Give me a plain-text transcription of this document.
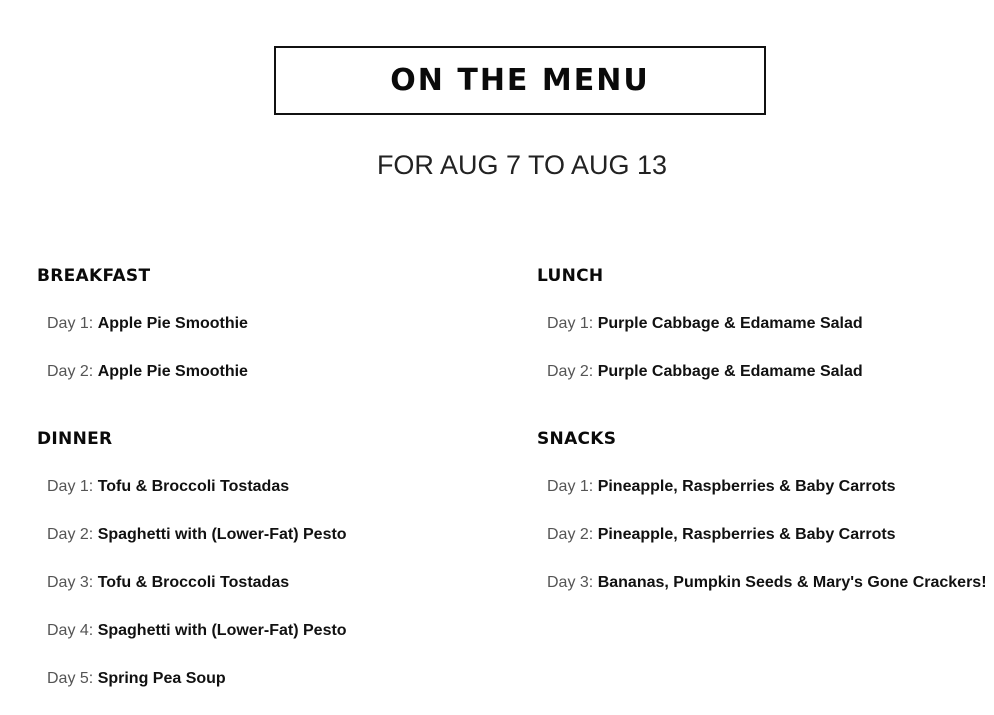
ON THE MENU
FOR AUG 7 TO AUG 13
BREAKFAST
Day 1: Apple Pie Smoothie
Day 2: Apple Pie Smoothie
LUNCH
Day 1: Purple Cabbage & Edamame Salad
Day 2: Purple Cabbage & Edamame Salad
DINNER
Day 1: Tofu & Broccoli Tostadas
Day 2: Spaghetti with (Lower-Fat) Pesto
Day 3: Tofu & Broccoli Tostadas
Day 4: Spaghetti with (Lower-Fat) Pesto
Day 5: Spring Pea Soup
SNACKS
Day 1: Pineapple, Raspberries & Baby Carrots
Day 2: Pineapple, Raspberries & Baby Carrots
Day 3: Bananas, Pumpkin Seeds & Mary's Gone Crackers!
